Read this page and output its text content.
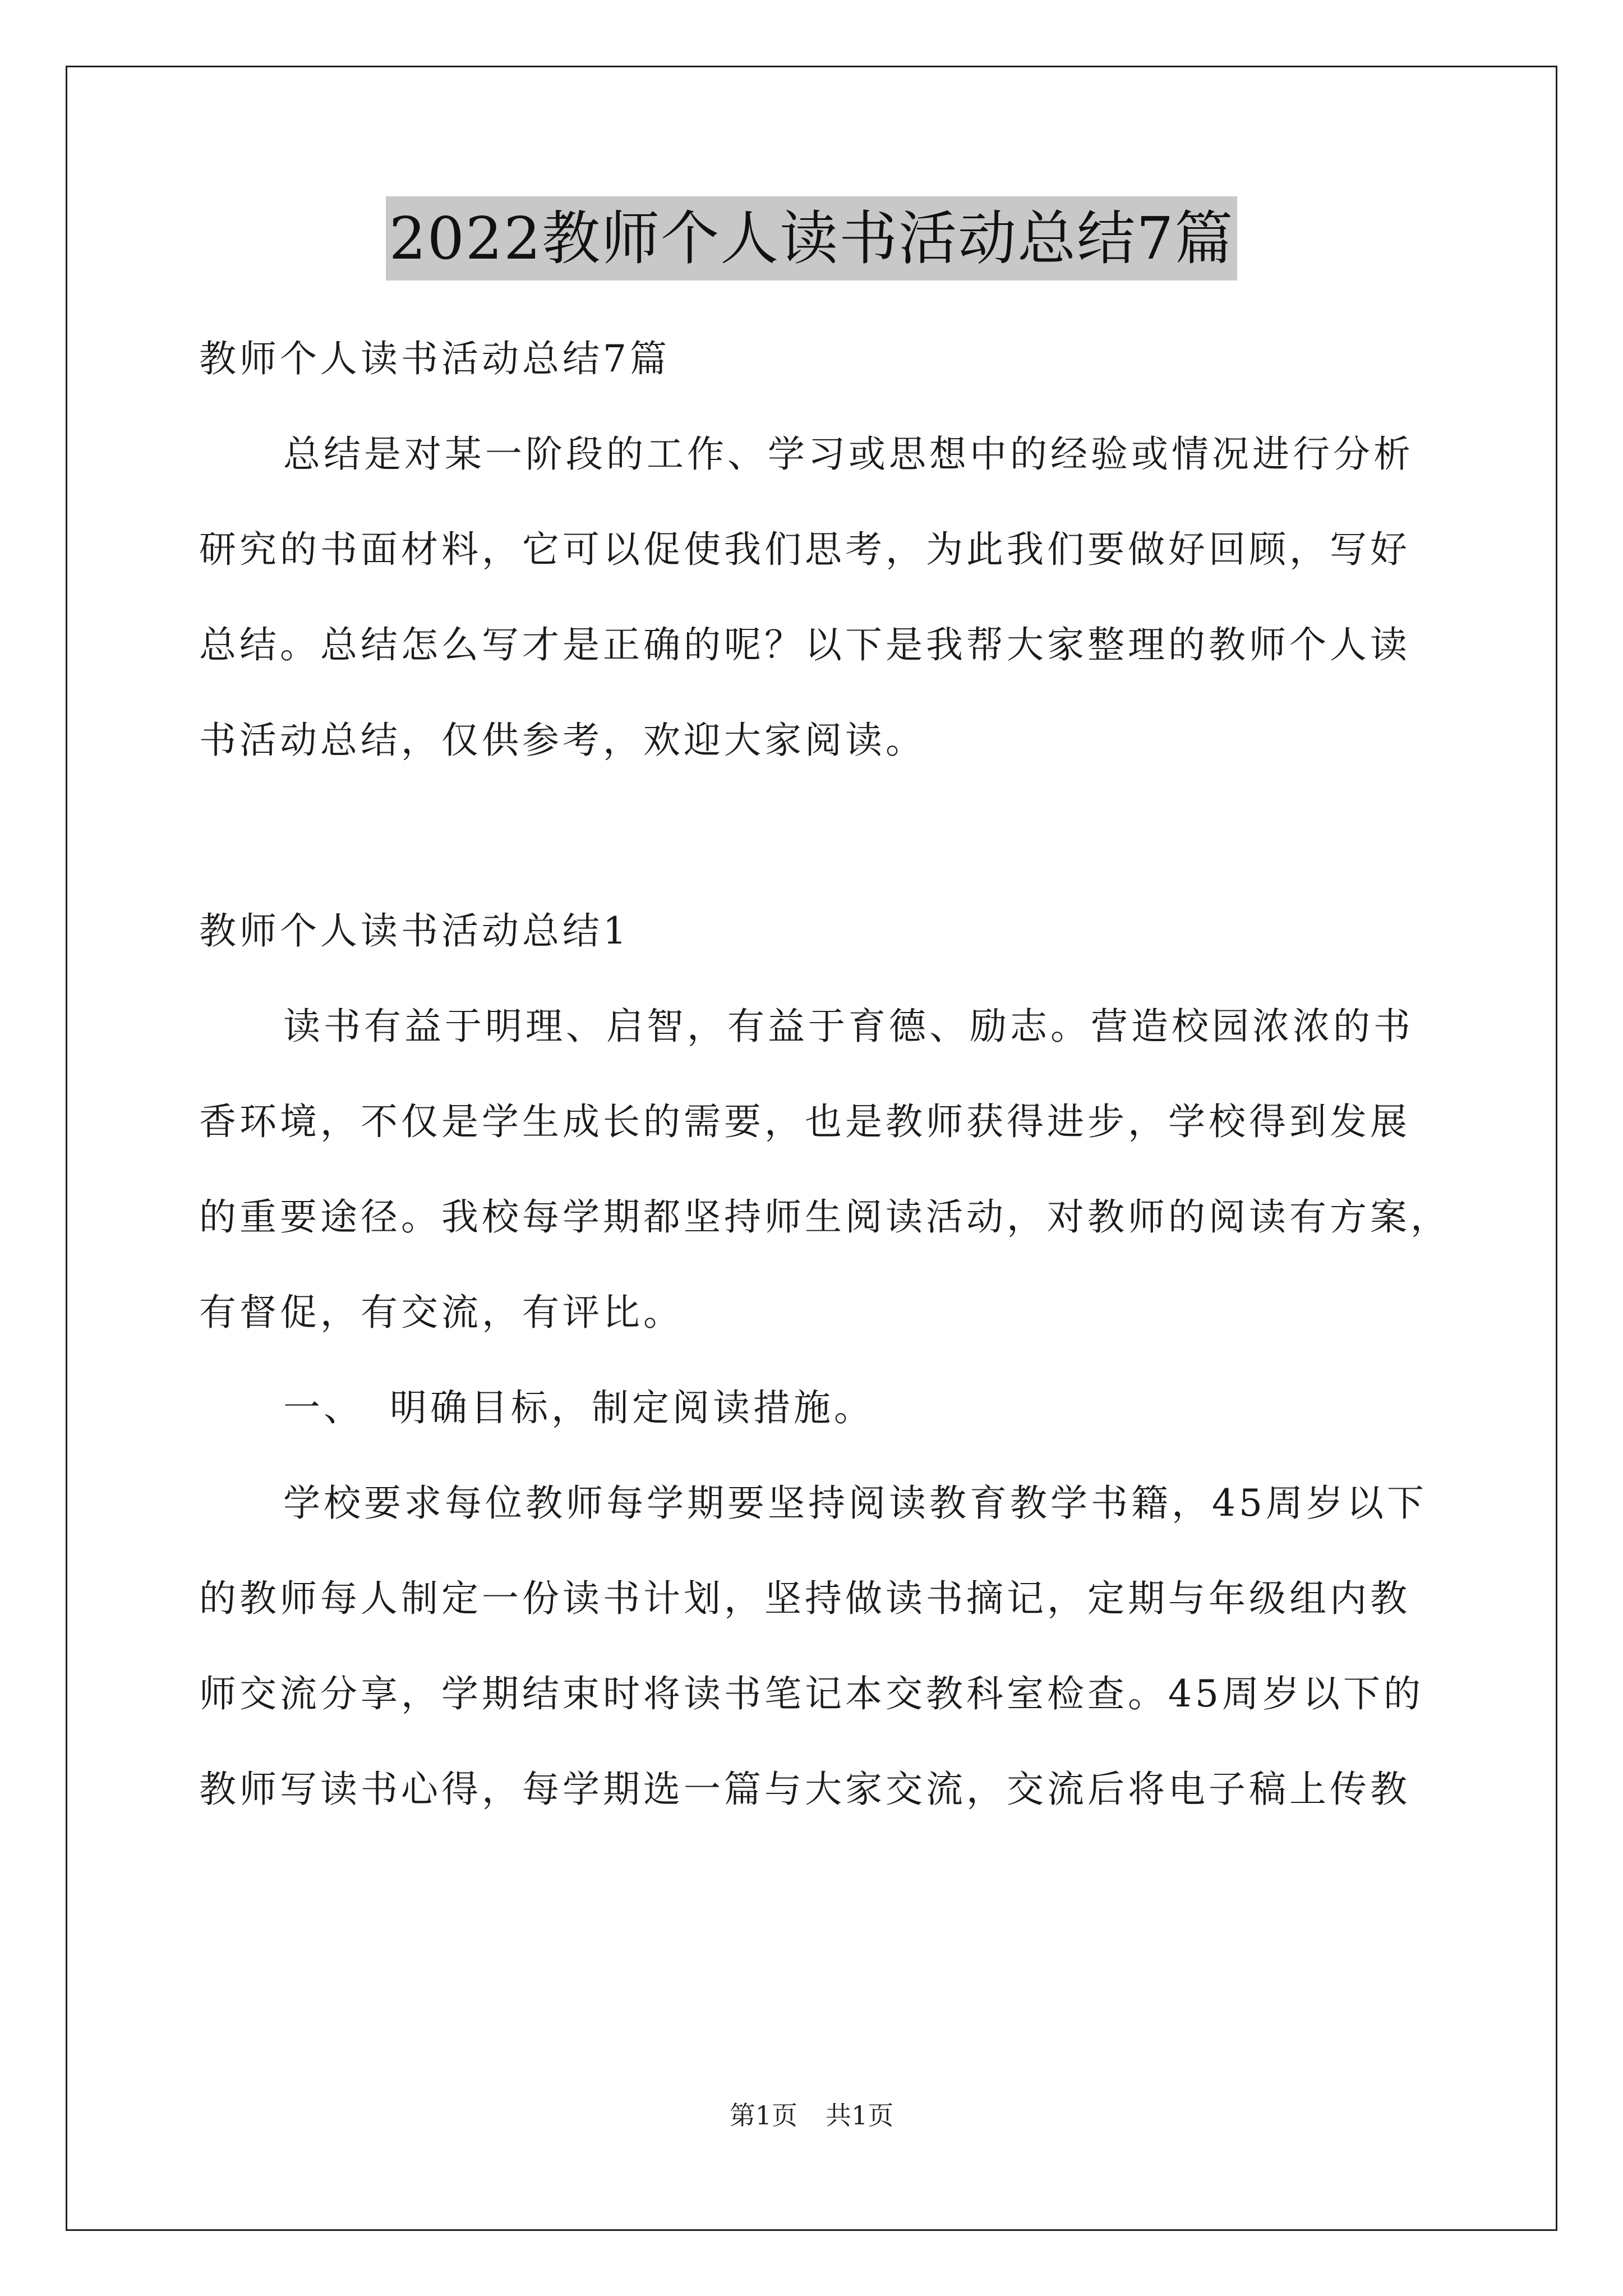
2022教师个人读书活动总结7篇

教师个人读书活动总结7篇

总结是对某一阶段的工作、学习或思想中的经验或情况进行分析

研究的书面材料，它可以促使我们思考，为此我们要做好回顾，写好

总结。总结怎么写才是正确的呢？以下是我帮大家整理的教师个人读

书活动总结，仅供参考，欢迎大家阅读。

教师个人读书活动总结1

读书有益于明理、启智，有益于育德、励志。营造校园浓浓的书

香环境，不仅是学生成长的需要，也是教师获得进步，学校得到发展

的重要途径。我校每学期都坚持师生阅读活动，对教师的阅读有方案，

有督促，有交流，有评比。

一、 明确目标，制定阅读措施。

学校要求每位教师每学期要坚持阅读教育教学书籍，45周岁以下

的教师每人制定一份读书计划，坚持做读书摘记，定期与年级组内教

师交流分享，学期结束时将读书笔记本交教科室检查。45周岁以下的

教师写读书心得，每学期选一篇与大家交流，交流后将电子稿上传教

第1页 共1页
